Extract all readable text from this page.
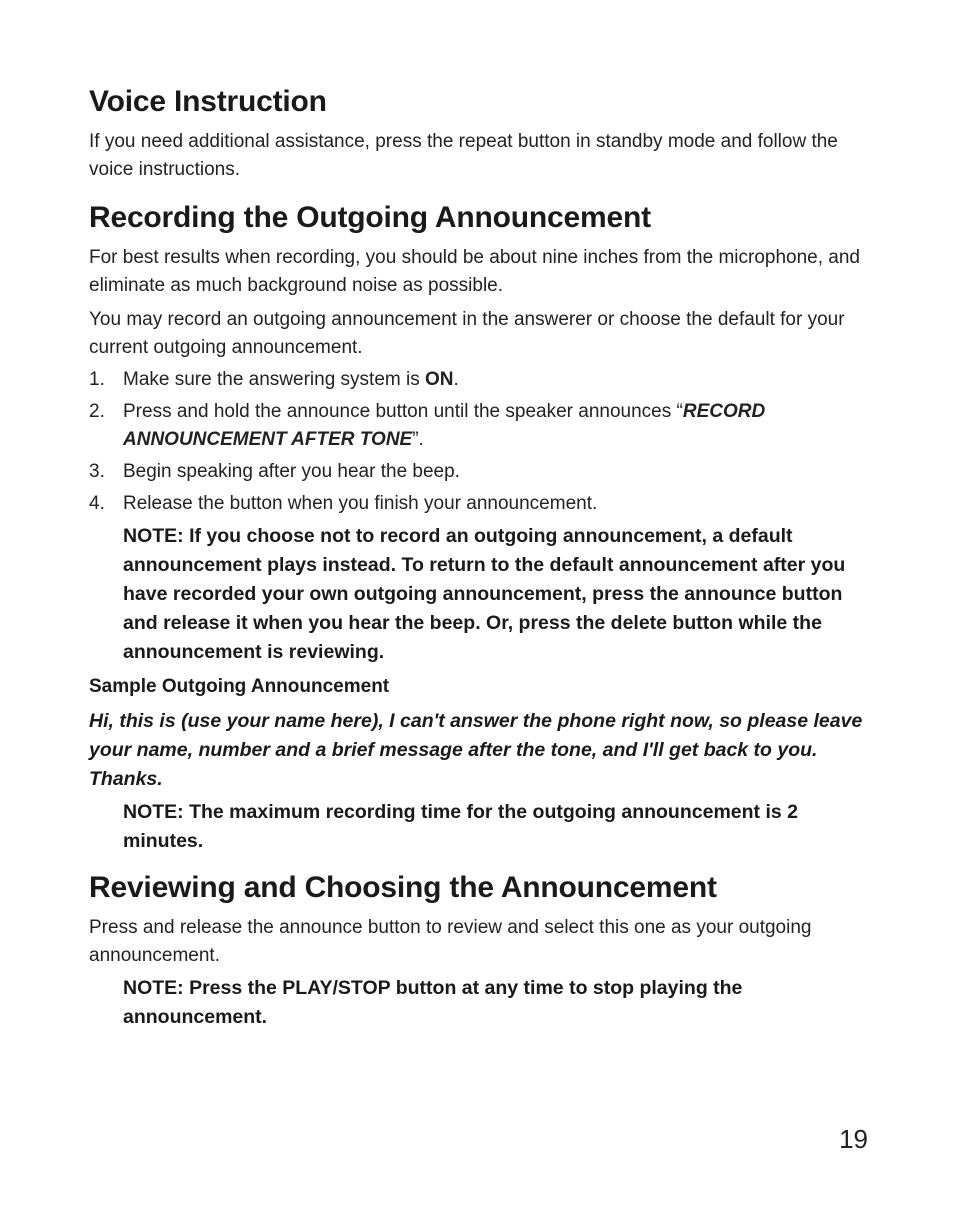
Voice Instruction

If you need additional assistance, press the repeat button in standby mode and follow the voice instructions.

Recording the Outgoing Announcement

For best results when recording, you should be about nine inches from the microphone, and eliminate as much background noise as possible.

You may record an outgoing announcement in the answerer or choose the default for your current outgoing announcement.

1. Make sure the answering system is ON.
2. Press and hold the announce button until the speaker announces “RECORD ANNOUNCEMENT AFTER TONE”.
3. Begin speaking after you hear the beep.
4. Release the button when you finish your announcement.
NOTE: If you choose not to record an outgoing announcement, a default announcement plays instead. To return to the default announcement after you have recorded your own outgoing announcement, press the announce button and release it when you hear the beep. Or, press the delete button while the announcement is reviewing.
Sample Outgoing Announcement
Hi, this is (use your name here), I can't answer the phone right now, so please leave your name, number and a brief message after the tone, and I'll get back to you. Thanks.
NOTE: The maximum recording time for the outgoing announcement is 2 minutes.
Reviewing and Choosing the Announcement

Press and release the announce button to review and select this one as your outgoing announcement.

NOTE: Press the PLAY/STOP button at any time to stop playing the announcement.
19
